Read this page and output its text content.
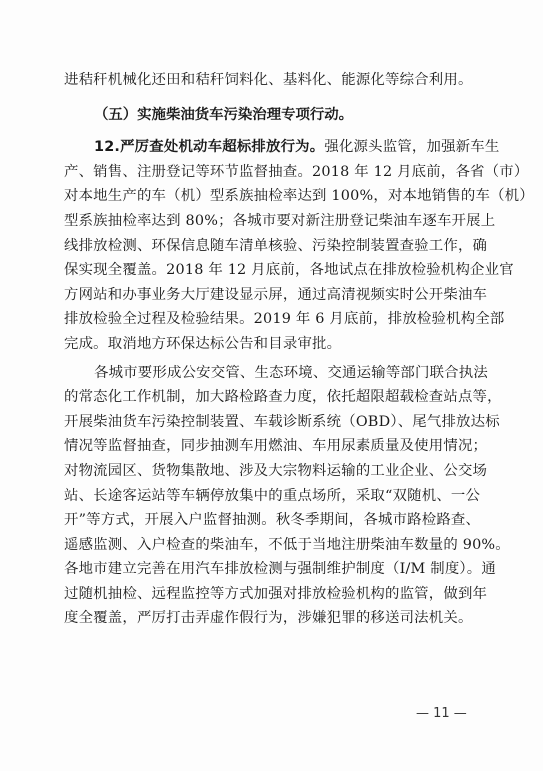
进秸秆机械化还田和秸秆饲料化、基料化、能源化等综合利用。
（五）实施柴油货车污染治理专项行动。
12.严厉查处机动车超标排放行为。强化源头监管，加强新车生
产、销售、注册登记等环节监督抽查。2018 年 12 月底前，各省（市）
对本地生产的车（机）型系族抽检率达到 100%，对本地销售的车（机）
型系族抽检率达到 80%；各城市要对新注册登记柴油车逐车开展上
线排放检测、环保信息随车清单核验、污染控制装置查验工作，确
保实现全覆盖。2018 年 12 月底前，各地试点在排放检验机构企业官
方网站和办事业务大厅建设显示屏，通过高清视频实时公开柴油车
排放检验全过程及检验结果。2019 年 6 月底前，排放检验机构全部
完成。取消地方环保达标公告和目录审批。
各城市要形成公安交管、生态环境、交通运输等部门联合执法
的常态化工作机制，加大路检路查力度，依托超限超载检查站点等，
开展柴油货车污染控制装置、车载诊断系统（OBD）、尾气排放达标
情况等监督抽查，同步抽测车用燃油、车用尿素质量及使用情况；
对物流园区、货物集散地、涉及大宗物料运输的工业企业、公交场
站、长途客运站等车辆停放集中的重点场所，采取“双随机、一公
开”等方式，开展入户监督抽测。秋冬季期间，各城市路检路查、
遥感监测、入户检查的柴油车，不低于当地注册柴油车数量的 90%。
各地市建立完善在用汽车排放检测与强制维护制度（I/M 制度）。通
过随机抽检、远程监控等方式加强对排放检验机构的监管，做到年
度全覆盖，严厉打击弄虚作假行为，涉嫌犯罪的移送司法机关。
— 11 —
